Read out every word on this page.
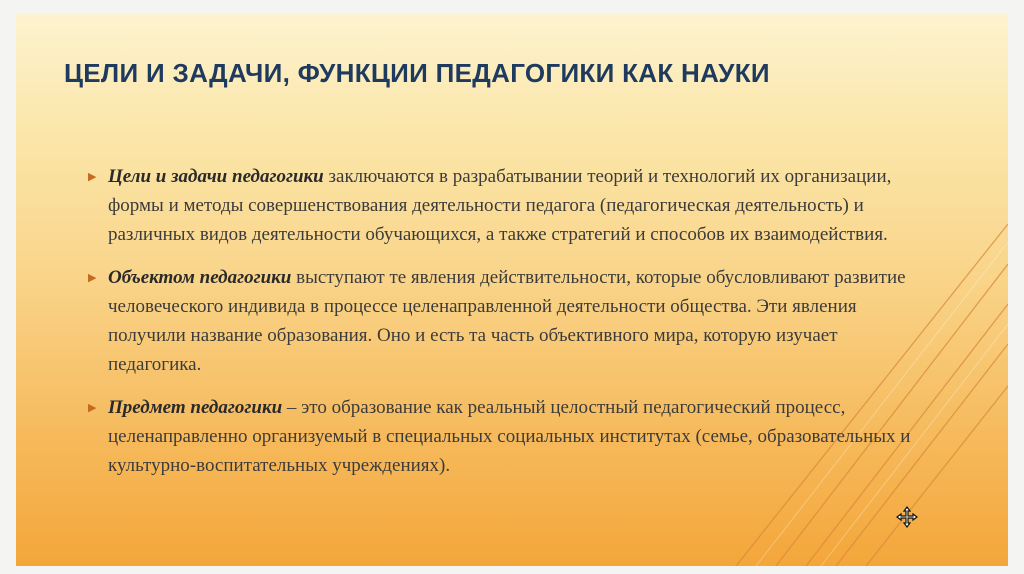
ЦЕЛИ И ЗАДАЧИ, ФУНКЦИИ ПЕДАГОГИКИ КАК НАУКИ
▶ Цели и задачи педагогики заключаются в разрабатывании теорий и технологий их организации, формы и методы совершенствования деятельности педагога (педагогическая деятельность) и различных видов деятельности обучающихся, а также стратегий и способов их взаимодействия.
▶ Объектом педагогики выступают те явления действительности, которые обусловливают развитие человеческого индивида в процессе целенаправленной деятельности общества. Эти явления получили название образования. Оно и есть та часть объективного мира, которую изучает педагогика.
▶ Предмет педагогики – это образование как реальный целостный педагогический процесс, целенаправленно организуемый в специальных социальных институтах (семье, образовательных и культурно-воспитательных учреждениях).
